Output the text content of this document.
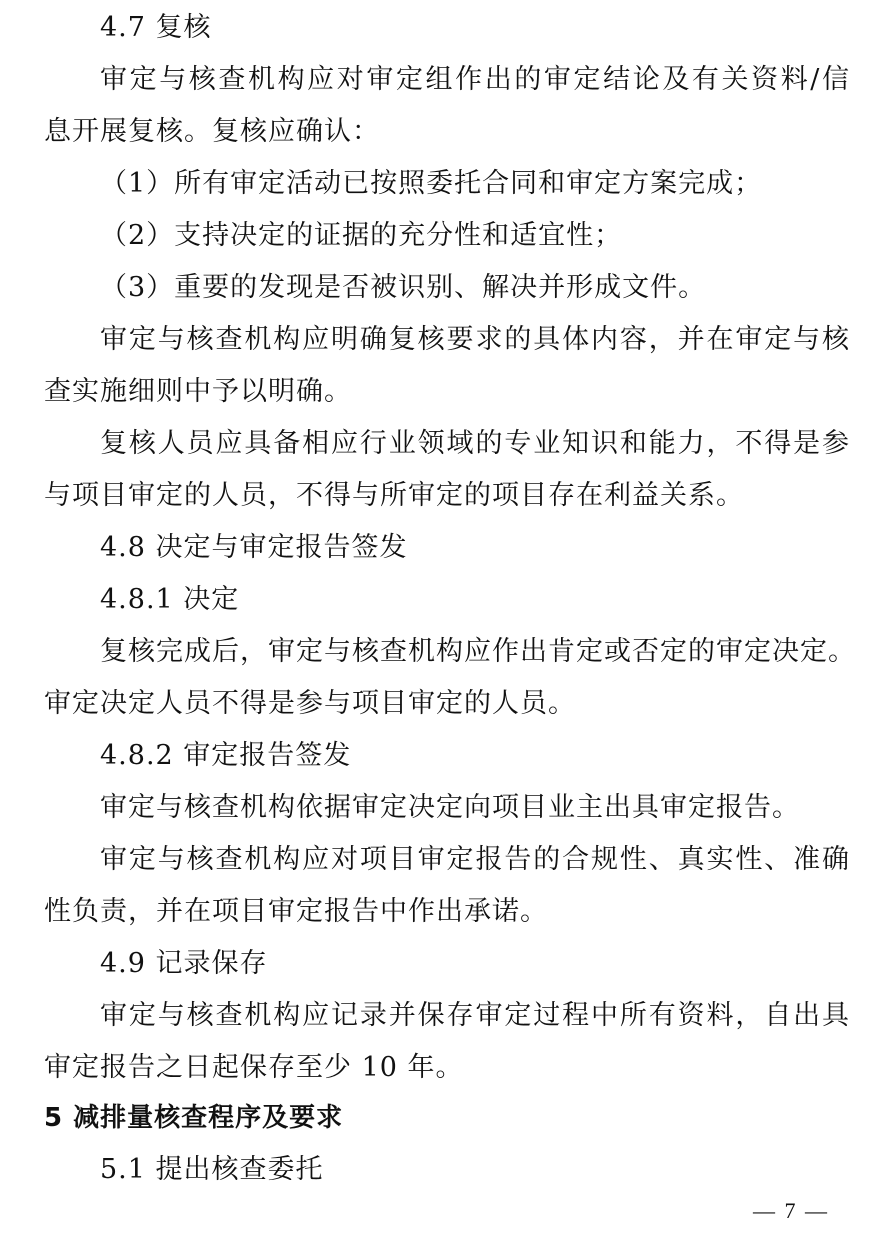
4.7 复核
审定与核查机构应对审定组作出的审定结论及有关资料/信
息开展复核。复核应确认：
（1）所有审定活动已按照委托合同和审定方案完成；
（2）支持决定的证据的充分性和适宜性；
（3）重要的发现是否被识别、解决并形成文件。
审定与核查机构应明确复核要求的具体内容，并在审定与核
查实施细则中予以明确。
复核人员应具备相应行业领域的专业知识和能力，不得是参
与项目审定的人员，不得与所审定的项目存在利益关系。
4.8 决定与审定报告签发
4.8.1 决定
复核完成后，审定与核查机构应作出肯定或否定的审定决定。
审定决定人员不得是参与项目审定的人员。
4.8.2 审定报告签发
审定与核查机构依据审定决定向项目业主出具审定报告。
审定与核查机构应对项目审定报告的合规性、真实性、准确
性负责，并在项目审定报告中作出承诺。
4.9 记录保存
审定与核查机构应记录并保存审定过程中所有资料，自出具
审定报告之日起保存至少 10 年。
5 减排量核查程序及要求
5.1 提出核查委托
— 7 —
